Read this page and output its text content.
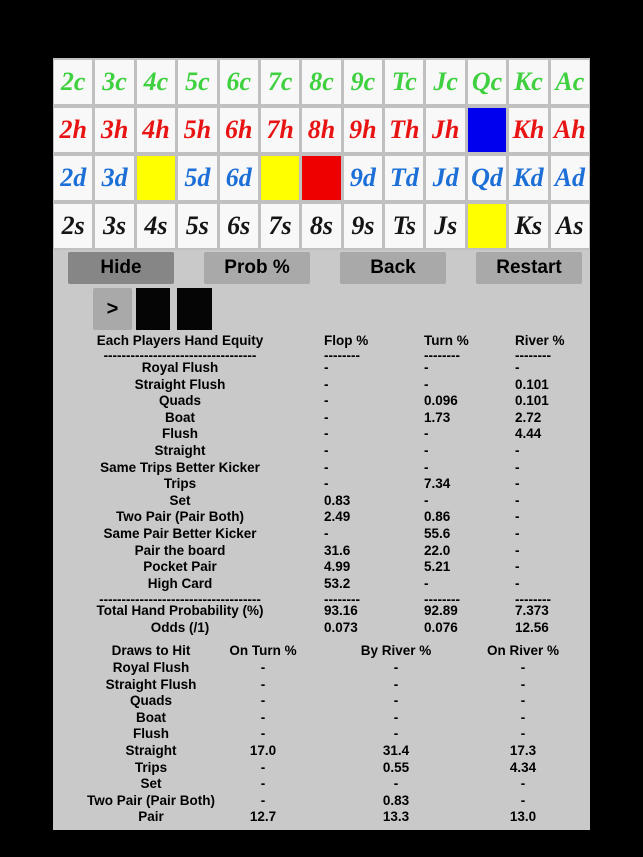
2c 3c 4c 5c 6c 7c 8c 9c Tc Jc Qc Kc Ac
2h 3h 4h 5h 6h 7h 8h 9h Th Jh Kh Ah
2d 3d 5d 6d	9d Td Jd Qd Kd Ad
2s 3s 4s 5s 6s 7s 8s 9s Ts Js Ks As
Hide	Prob %	Back	Restart
>
Each Players Hand Equity	Flop %	Turn %	River %
----------------------------------	--------	--------	--------
Royal Flush	-	-	-
Straight Flush	-	-	0.101
Quads	-	0.096	0.101
Boat	-	1.73	2.72
Flush	-	-	4.44
Straight	-	-	-
Same Trips Better Kicker	-	-	-
Trips	-	7.34	-
Set	0.83	-	-
Two Pair (Pair Both)	2.49	0.86	-
Same Pair Better Kicker	-	55.6	-
Pair the board	31.6	22.0	-
Pocket Pair	4.99	5.21	-
High Card	53.2	-	-
------------------------------------	--------	--------	--------
Total Hand Probability (%)	93.16	92.89	7.373
Odds (/1)	0.073	0.076	12.56
Draws to Hit	On Turn %	By River %	On River %
Royal Flush	-	-	-
Straight Flush	-	-	-
Quads	-	-	-
Boat	-	-	-
Flush	-	-	-
Straight	17.0	31.4	17.3
Trips	-	0.55	4.34
Set	-	-	-
Two Pair (Pair Both)	-	0.83	-
Pair	12.7	13.3	13.0
